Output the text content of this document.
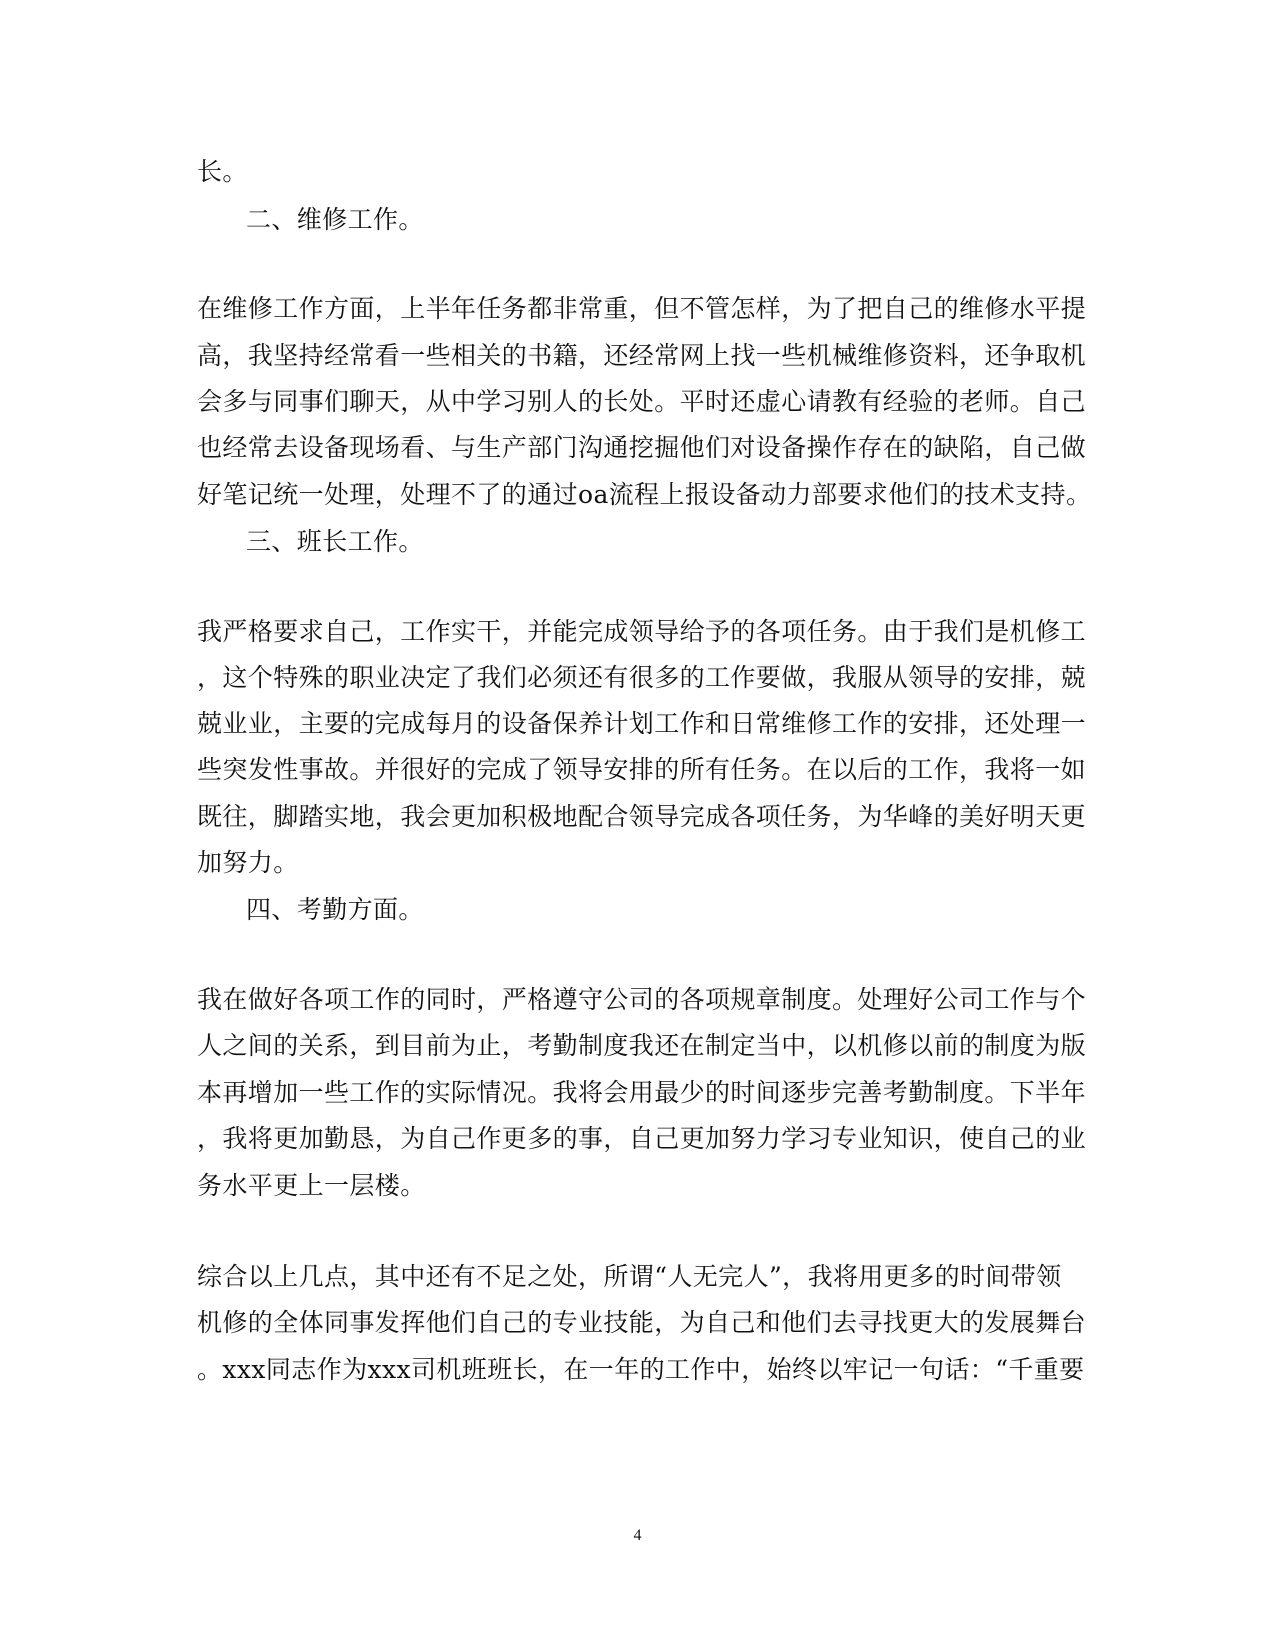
长。
二、维修工作。
在维修工作方面，上半年任务都非常重，但不管怎样，为了把自己的维修水平提
高，我坚持经常看一些相关的书籍，还经常网上找一些机械维修资料，还争取机
会多与同事们聊天，从中学习别人的长处。平时还虚心请教有经验的老师。自己
也经常去设备现场看、与生产部门沟通挖掘他们对设备操作存在的缺陷，自己做
好笔记统一处理，处理不了的通过oa流程上报设备动力部要求他们的技术支持。
三、班长工作。
我严格要求自己，工作实干，并能完成领导给予的各项任务。由于我们是机修工
，这个特殊的职业决定了我们必须还有很多的工作要做，我服从领导的安排，兢
兢业业，主要的完成每月的设备保养计划工作和日常维修工作的安排，还处理一
些突发性事故。并很好的完成了领导安排的所有任务。在以后的工作，我将一如
既往，脚踏实地，我会更加积极地配合领导完成各项任务，为华峰的美好明天更
加努力。
四、考勤方面。
我在做好各项工作的同时，严格遵守公司的各项规章制度。处理好公司工作与个
人之间的关系，到目前为止，考勤制度我还在制定当中，以机修以前的制度为版
本再增加一些工作的实际情况。我将会用最少的时间逐步完善考勤制度。下半年
，我将更加勤恳，为自己作更多的事，自己更加努力学习专业知识，使自己的业
务水平更上一层楼。
综合以上几点，其中还有不足之处，所谓“人无完人”，我将用更多的时间带领
机修的全体同事发挥他们自己的专业技能，为自己和他们去寻找更大的发展舞台
。xxx同志作为xxx司机班班长，在一年的工作中，始终以牢记一句话：“千重要
4
